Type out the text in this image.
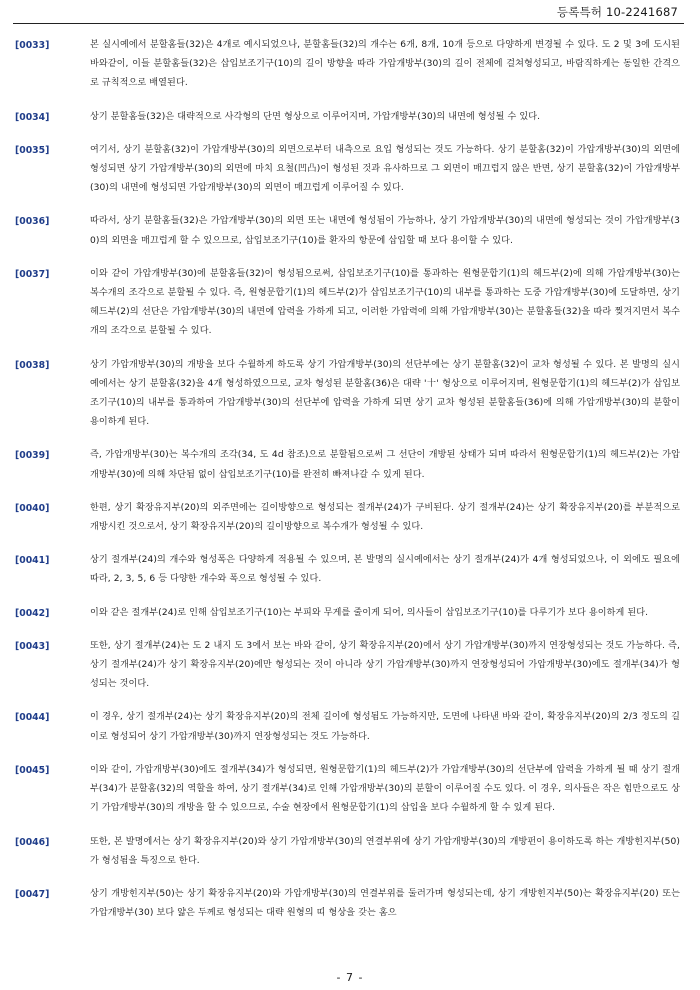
등록특허 10-2241687
[0033]	본 실시예에서 분할홈들(32)은 4개로 예시되었으나, 분할홈들(32)의 개수는 6개, 8개, 10개 등으로 다양하게 변경될 수 있다. 도 2 및 3에 도시된 바와같이, 이들 분할홈들(32)은 삽입보조기구(10)의 길이 방향을 따라 가압개방부(30)의 길이 전체에 걸쳐형성되고, 바람직하게는 동일한 간격으로 규칙적으로 배열된다.
[0034]	상기 분할홈들(32)은 대략적으로 사각형의 단면 형상으로 이루어지며, 가압개방부(30)의 내면에 형성될 수 있다.
[0035]	여기서, 상기 분할홈(32)이 가압개방부(30)의 외면으로부터 내측으로 요입 형성되는 것도 가능하다. 상기 분할홈(32)이 가압개방부(30)의 외면에 형성되면 상기 가압개방부(30)의 외면에 마치 요철(凹凸)이 형성된 것과 유사하므로 그 외면이 매끄럽지 않은 반면, 상기 분할홈(32)이 가압개방부(30)의 내면에 형성되면 가압개방부(30)의 외면이 매끄럽게 이루어질 수 있다.
[0036]	따라서, 상기 분할홈들(32)은 가압개방부(30)의 외면 또는 내면에 형성됨이 가능하나, 상기 가압개방부(30)의 내면에 형성되는 것이 가압개방부(30)의 외면을 매끄럽게 할 수 있으므로, 삽입보조기구(10)를 환자의 항문에 삽입할 때 보다 용이할 수 있다.
[0037]	이와 같이 가압개방부(30)에 분할홈들(32)이 형성됨으로써, 삽입보조기구(10)를 통과하는 원형문합기(1)의 헤드부(2)에 의해 가압개방부(30)는 복수개의 조각으로 분할될 수 있다. 즉, 원형문합기(1)의 헤드부(2)가 삽입보조기구(10)의 내부를 통과하는 도중 가압개방부(30)에 도달하면, 상기 헤드부(2)의 선단은 가압개방부(30)의 내면에 압력을 가하게 되고, 이러한 가압력에 의해 가압개방부(30)는 분할홈들(32)을 따라 찢겨지면서 복수개의 조각으로 분할될 수 있다.
[0038]	상기 가압개방부(30)의 개방을 보다 수월하게 하도록 상기 가압개방부(30)의 선단부에는 상기 분할홈(32)이 교차 형성될 수 있다. 본 발명의 실시예에서는 상기 분할홈(32)을 4개 형성하였으므로, 교차 형성된 분할홈(36)은 대략 '十' 형상으로 이루어지며, 원형문합기(1)의 헤드부(2)가 삽입보조기구(10)의 내부를 통과하여 가압개방부(30)의 선단부에 압력을 가하게 되면 상기 교차 형성된 분할홈들(36)에 의해 가압개방부(30)의 분할이 용이하게 된다.
[0039]	즉, 가압개방부(30)는 복수개의 조각(34, 도 4d 참조)으로 분할됨으로써 그 선단이 개방된 상태가 되며 따라서 원형문합기(1)의 헤드부(2)는 가압개방부(30)에 의해 차단됨 없이 삽입보조기구(10)를 완전히 빠져나갈 수 있게 된다.
[0040]	한편, 상기 확장유지부(20)의 외주면에는 길이방향으로 형성되는 절개부(24)가 구비된다. 상기 절개부(24)는 상기 확장유지부(20)를 부분적으로 개방시킨 것으로서, 상기 확장유지부(20)의 길이방향으로 복수개가 형성될 수 있다.
[0041]	상기 절개부(24)의 개수와 형성폭은 다양하게 적용될 수 있으며, 본 발명의 실시예에서는 상기 절개부(24)가 4개 형성되었으나, 이 외에도 필요에 따라, 2, 3, 5, 6 등 다양한 개수와 폭으로 형성될 수 있다.
[0042]	이와 같은 절개부(24)로 인해 삽입보조기구(10)는 부피와 무게를 줄이게 되어, 의사들이 삽입보조기구(10)를 다루기가 보다 용이하게 된다.
[0043]	또한, 상기 절개부(24)는 도 2 내지 도 3에서 보는 바와 같이, 상기 확장유지부(20)에서 상기 가압개방부(30)까지 연장형성되는 것도 가능하다. 즉, 상기 절개부(24)가 상기 확장유지부(20)에만 형성되는 것이 아니라 상기 가압개방부(30)까지 연장형성되어 가압개방부(30)에도 절개부(34)가 형성되는 것이다.
[0044]	이 경우, 상기 절개부(24)는 상기 확장유지부(20)의 전체 길이에 형성됨도 가능하지만, 도면에 나타낸 바와 같이, 확장유지부(20)의 2/3 정도의 길이로 형성되어 상기 가압개방부(30)까지 연장형성되는 것도 가능하다.
[0045]	이와 같이, 가압개방부(30)에도 절개부(34)가 형성되면, 원형문합기(1)의 헤드부(2)가 가압개방부(30)의 선단부에 압력을 가하게 될 때 상기 절개부(34)가 분할홈(32)의 역할을 하여, 상기 절개부(34)로 인해 가압개방부(30)의 분할이 이루어질 수도 있다. 이 경우, 의사들은 작은 힘만으로도 상기 가압개방부(30)의 개방을 할 수 있으므로, 수술 현장에서 원형문합기(1)의 삽입을 보다 수월하게 할 수 있게 된다.
[0046]	또한, 본 발명에서는 상기 확장유지부(20)와 상기 가압개방부(30)의 연결부위에 상기 가압개방부(30)의 개방펀이 용이하도록 하는 개방힌지부(50)가 형성됨을 특징으로 한다.
[0047]	상기 개방힌지부(50)는 상기 확장유지부(20)와 가압개방부(30)의 연결부위를 둘러가며 형성되는데, 상기 개방힌지부(50)는 확장유지부(20) 또는 가압개방부(30) 보다 얇은 두께로 형성되는 대략 원형의 띠 형상을 갖는 홈으
- 7 -
